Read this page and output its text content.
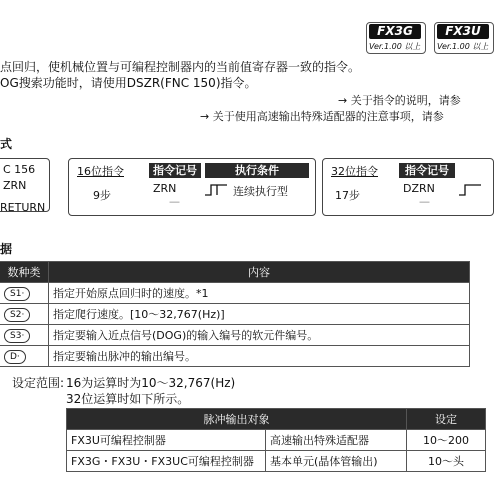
FX3G
Ver.1.00 以上
FX3U
Ver.1.00 以上
点回归，使机械位置与可编程控制器内的当前值寄存器一致的指令。
OG搜索功能时，请使用DSZR(FNC 150)指令。
→ 关于指令的说明，请参
→ 关于使用高速输出特殊适配器的注意事项，请参
式
C 156
ZRN
RETURN
16位指令
9步
指令记号	执行条件
ZRN
—
连续执行型
32位指令
17步
指令记号
DZRN
—
据
数种类	内容
S1·	指定开始原点回归时的速度。*1
S2·	指定爬行速度。[10～32,767(Hz)]
S3·	指定要输入近点信号(DOG)的输入编号的软元件编号。
D·	指定要输出脉冲的输出编号。
设定范围: 16为运算时为10～32,767(Hz)
32位运算时如下所示。
脉冲输出对象		设定
FX3U可编程控制器	高速输出特殊适配器	10～200
FX3G・FX3U・FX3UC可编程控制器	基本单元(晶体管输出)	10～头
